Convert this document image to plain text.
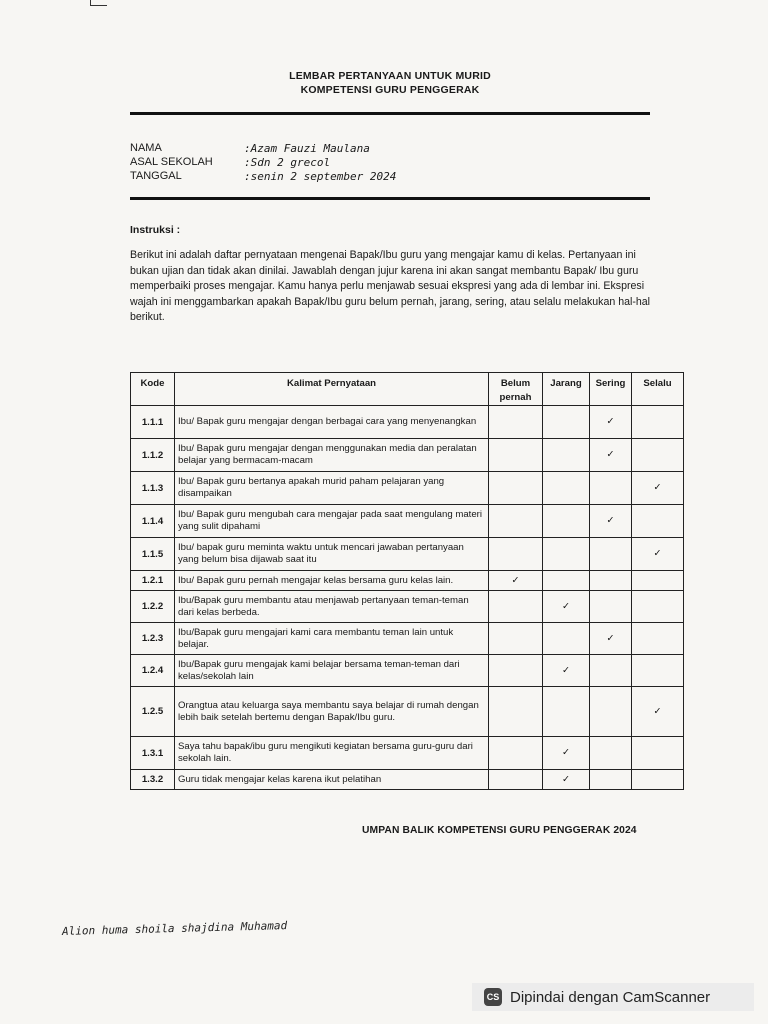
LEMBAR PERTANYAAN UNTUK MURID
KOMPETENSI GURU PENGGERAK
NAMA	:Azam Fauzi Maulana
ASAL SEKOLAH	:Sdn 2 grecol
TANGGAL	:senin 2 september 2024
Instruksi :
Berikut ini adalah daftar pernyataan mengenai Bapak/Ibu guru yang mengajar kamu di kelas. Pertanyaan ini bukan ujian dan tidak akan dinilai. Jawablah dengan jujur karena ini akan sangat membantu Bapak/ Ibu guru memperbaiki proses mengajar. Kamu hanya perlu menjawab sesuai ekspresi yang ada di lembar ini. Ekspresi wajah ini menggambarkan apakah Bapak/Ibu guru belum pernah, jarang, sering, atau selalu melakukan hal-hal berikut.
Kode	Kalimat Pernyataan	Belum pernah	Jarang	Sering	Selalu
1.1.1	Ibu/ Bapak guru mengajar dengan berbagai cara yang menyenangkan			✓	
1.1.2	Ibu/ Bapak guru mengajar dengan menggunakan media dan peralatan belajar yang bermacam-macam			✓	
1.1.3	Ibu/ Bapak guru bertanya apakah murid paham pelajaran yang disampaikan				✓
1.1.4	Ibu/ Bapak guru mengubah cara mengajar pada saat mengulang materi yang sulit dipahami			✓	
1.1.5	Ibu/ bapak guru meminta waktu untuk mencari jawaban pertanyaan yang belum bisa dijawab saat itu				✓
1.2.1	Ibu/ Bapak guru pernah mengajar kelas bersama guru kelas lain.	✓			
1.2.2	Ibu/Bapak guru membantu atau menjawab pertanyaan teman-teman dari kelas berbeda.		✓		
1.2.3	Ibu/Bapak guru mengajari kami cara membantu teman lain untuk belajar.			✓	
1.2.4	Ibu/Bapak guru mengajak kami belajar bersama teman-teman dari kelas/sekolah lain		✓		
1.2.5	Orangtua atau keluarga saya membantu saya belajar di rumah dengan lebih baik setelah bertemu dengan Bapak/Ibu guru.				✓
1.3.1	Saya tahu bapak/ibu guru mengikuti kegiatan bersama guru-guru dari sekolah lain.		✓		
1.3.2	Guru tidak mengajar kelas karena ikut pelatihan		✓		
UMPAN BALIK KOMPETENSI GURU PENGGERAK 2024
Alion huma shoila shajdina Muhamad
CS Dipindai dengan CamScanner
